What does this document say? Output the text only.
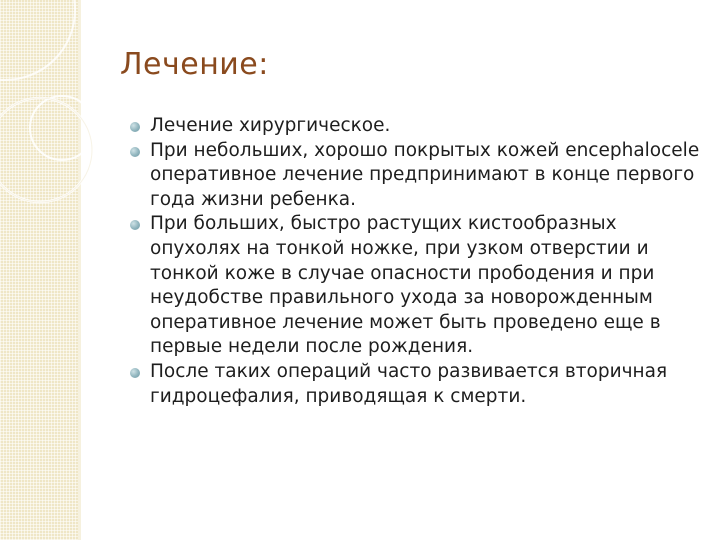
Лечение:
Лечение хирургическое.
При небольших, хорошо покрытых кожей encephalocele оперативное лечение предпринимают в конце первого года жизни ребенка.
При больших, быстро растущих кистообразных опухолях на тонкой ножке, при узком отверстии и тонкой коже в случае опасности прободения и при неудобстве правильного ухода за новорожденным оперативное лечение может быть проведено еще в первые недели после рождения.
После таких операций часто развивается вторичная гидроцефалия, приводящая к смерти.
